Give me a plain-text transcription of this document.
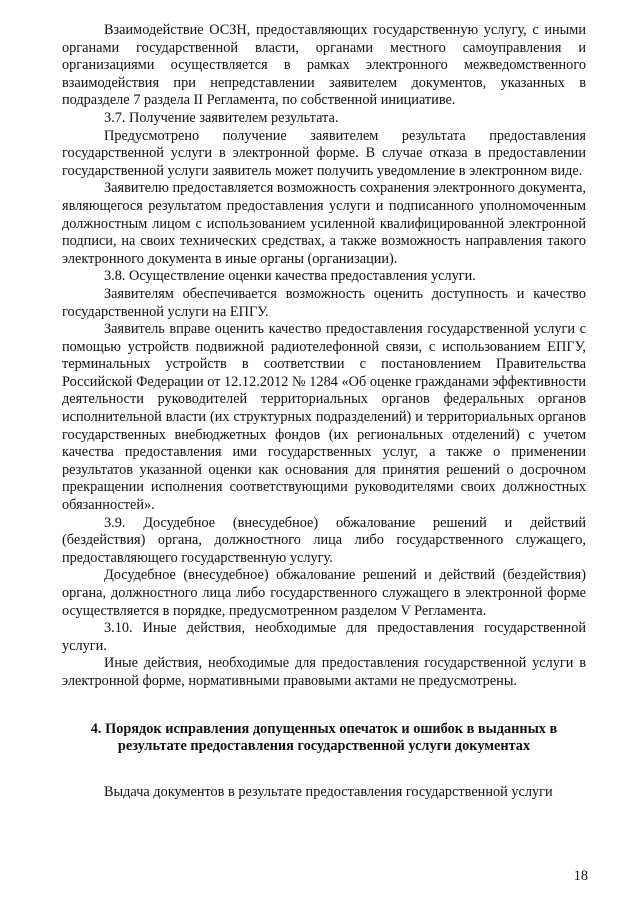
Взаимодействие ОСЗН, предоставляющих государственную услугу, с иными органами государственной власти, органами местного самоуправления и организациями осуществляется в рамках электронного межведомственного взаимодействия при непредставлении заявителем документов, указанных в подразделе 7 раздела II Регламента, по собственной инициативе.

3.7. Получение заявителем результата.

Предусмотрено получение заявителем результата предоставления государственной услуги в электронной форме. В случае отказа в предоставлении государственной услуги заявитель может получить уведомление в электронном виде.

Заявителю предоставляется возможность сохранения электронного документа, являющегося результатом предоставления услуги и подписанного уполномоченным должностным лицом с использованием усиленной квалифицированной электронной подписи, на своих технических средствах, а также возможность направления такого электронного документа в иные органы (организации).

3.8. Осуществление оценки качества предоставления услуги.

Заявителям обеспечивается возможность оценить доступность и качество государственной услуги на ЕПГУ.

Заявитель вправе оценить качество предоставления государственной услуги с помощью устройств подвижной радиотелефонной связи, с использованием ЕПГУ, терминальных устройств в соответствии с постановлением Правительства Российской Федерации от 12.12.2012 № 1284 «Об оценке гражданами эффективности деятельности руководителей территориальных органов федеральных органов исполнительной власти (их структурных подразделений) и территориальных органов государственных внебюджетных фондов (их региональных отделений) с учетом качества предоставления ими государственных услуг, а также о применении результатов указанной оценки как основания для принятия решений о досрочном прекращении исполнения соответствующими руководителями своих должностных обязанностей».

3.9. Досудебное (внесудебное) обжалование решений и действий (бездействия) органа, должностного лица либо государственного служащего, предоставляющего государственную услугу.

Досудебное (внесудебное) обжалование решений и действий (бездействия) органа, должностного лица либо государственного служащего в электронной форме осуществляется в порядке, предусмотренном разделом V Регламента.

3.10. Иные действия, необходимые для предоставления государственной услуги.

Иные действия, необходимые для предоставления государственной услуги в электронной форме, нормативными правовыми актами не предусмотрены.

4. Порядок исправления допущенных опечаток и ошибок в выданных в результате предоставления государственной услуги документах

Выдача документов в результате предоставления государственной услуги

18
